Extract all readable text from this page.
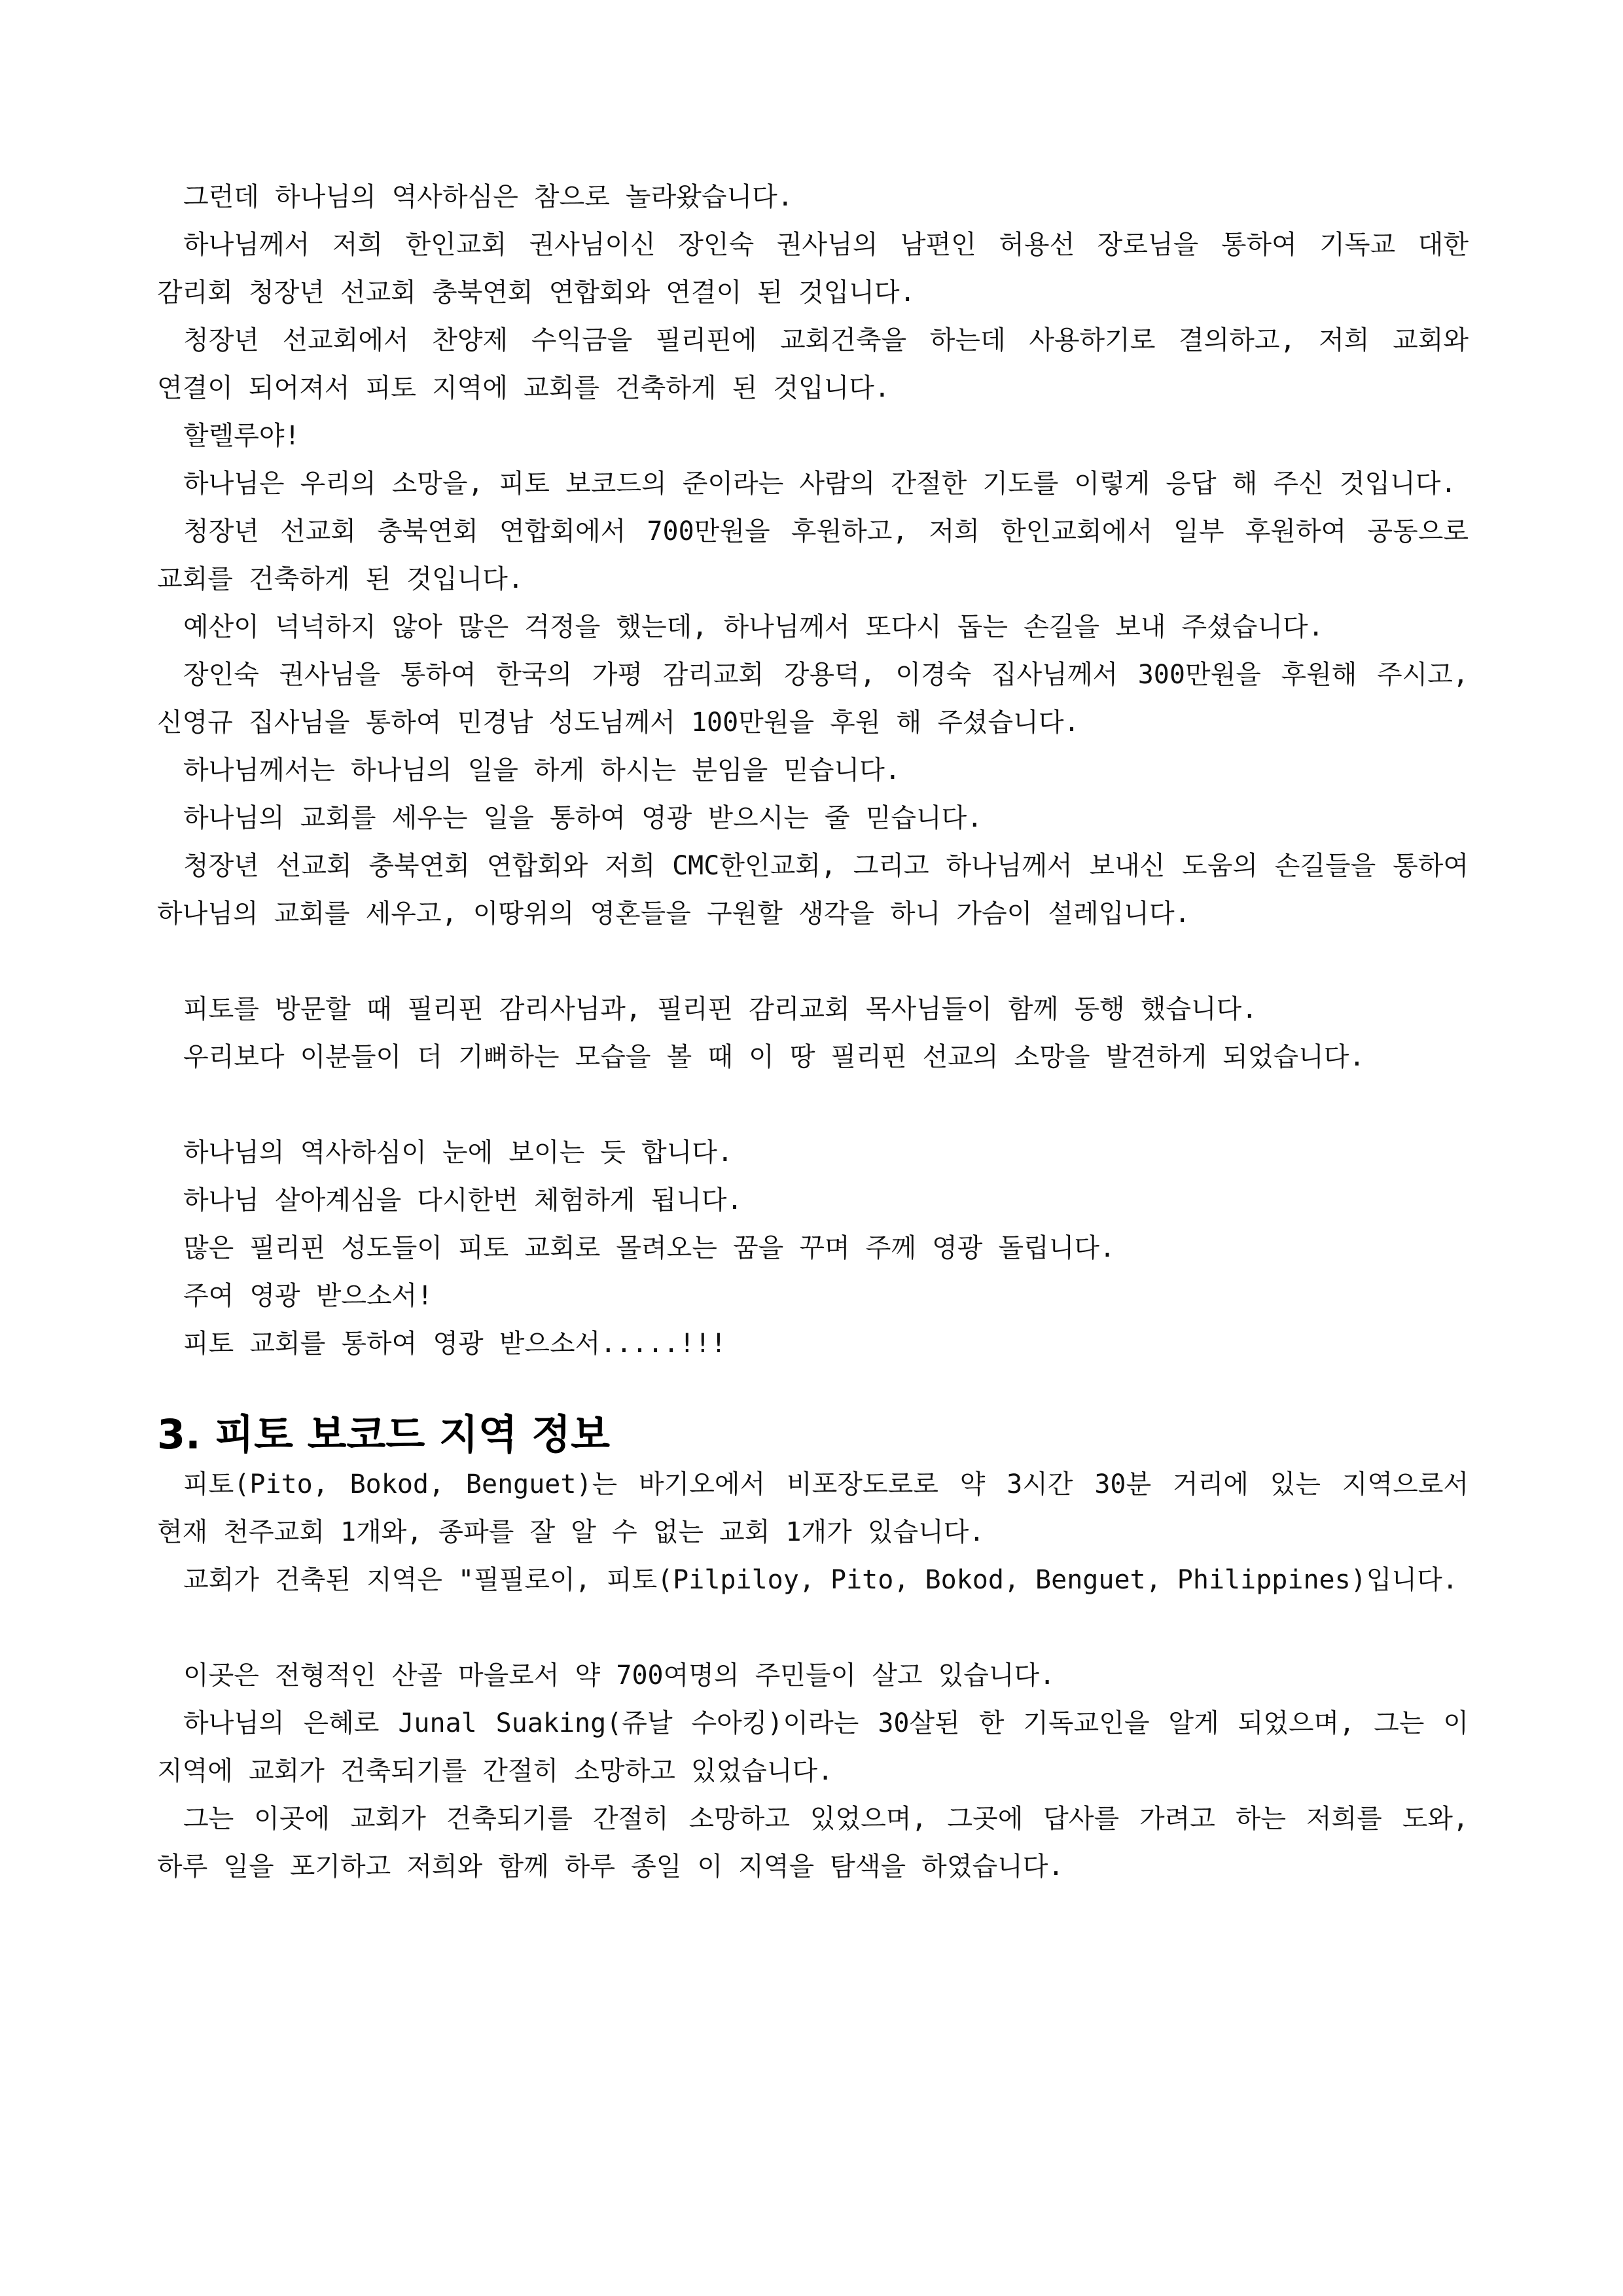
그런데 하나님의 역사하심은 참으로 놀라왔습니다.

하나님께서 저희 한인교회 권사님이신 장인숙 권사님의 남편인 허용선 장로님을 통하여 기독교 대한 감리회 청장년 선교회 충북연회 연합회와 연결이 된 것입니다.

청장년 선교회에서 찬양제 수익금을 필리핀에 교회건축을 하는데 사용하기로 결의하고, 저희 교회와 연결이 되어져서 피토 지역에 교회를 건축하게 된 것입니다.

할렐루야!

하나님은 우리의 소망을, 피토 보코드의 준이라는 사람의 간절한 기도를 이렇게 응답 해 주신 것입니다.

청장년 선교회 충북연회 연합회에서 700만원을 후원하고, 저희 한인교회에서 일부 후원하여 공동으로 교회를 건축하게 된 것입니다.

예산이 넉넉하지 않아 많은 걱정을 했는데, 하나님께서 또다시 돕는 손길을 보내 주셨습니다.

장인숙 권사님을 통하여 한국의 가평 감리교회 강용덕, 이경숙 집사님께서 300만원을 후원해 주시고, 신영규 집사님을 통하여 민경남 성도님께서 100만원을 후원 해 주셨습니다.

하나님께서는 하나님의 일을 하게 하시는 분임을 믿습니다.

하나님의 교회를 세우는 일을 통하여 영광 받으시는 줄 믿습니다.

청장년 선교회 충북연회 연합회와 저희 CMC한인교회, 그리고 하나님께서 보내신 도움의 손길들을 통하여 하나님의 교회를 세우고, 이땅위의 영혼들을 구원할 생각을 하니 가슴이 설레입니다.

피토를 방문할 때 필리핀 감리사님과, 필리핀 감리교회 목사님들이 함께 동행 했습니다.

우리보다 이분들이 더 기뻐하는 모습을 볼 때 이 땅 필리핀 선교의 소망을 발견하게 되었습니다.

하나님의 역사하심이 눈에 보이는 듯 합니다.

하나님 살아계심을 다시한번 체험하게 됩니다.

많은 필리핀 성도들이 피토 교회로 몰려오는 꿈을 꾸며 주께 영광 돌립니다.

주여 영광 받으소서!

피토 교회를 통하여 영광 받으소서.....!!!

3. 피토 보코드 지역 정보

피토(Pito, Bokod, Benguet)는 바기오에서 비포장도로로 약 3시간 30분 거리에 있는 지역으로서 현재 천주교회 1개와, 종파를 잘 알 수 없는 교회 1개가 있습니다.

교회가 건축된 지역은 "필필로이, 피토(Pilpiloy, Pito, Bokod, Benguet, Philippines)입니다.

이곳은 전형적인 산골 마을로서 약 700여명의 주민들이 살고 있습니다.

하나님의 은혜로 Junal Suaking(쥬날 수아킹)이라는 30살된 한 기독교인을 알게 되었으며, 그는 이 지역에 교회가 건축되기를 간절히 소망하고 있었습니다.

그는 이곳에 교회가 건축되기를 간절히 소망하고 있었으며, 그곳에 답사를 가려고 하는 저희를 도와, 하루 일을 포기하고 저희와 함께 하루 종일 이 지역을 탐색을 하였습니다.
